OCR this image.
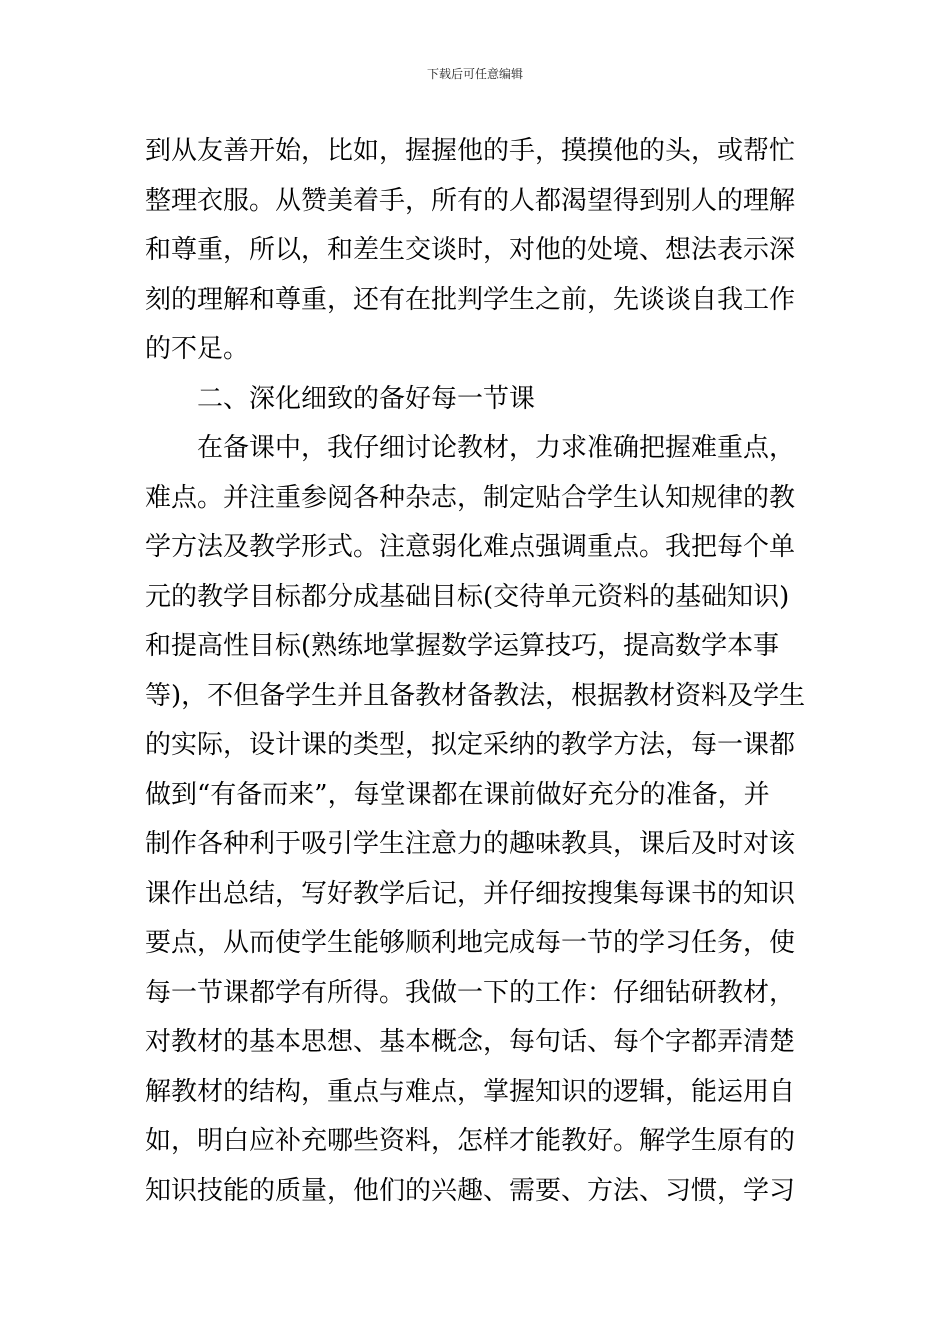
下载后可任意编辑
到从友善开始，比如，握握他的手，摸摸他的头，或帮忙
整理衣服。从赞美着手，所有的人都渴望得到别人的理解
和尊重，所以，和差生交谈时，对他的处境、想法表示深
刻的理解和尊重，还有在批判学生之前，先谈谈自我工作
的不足。
二、深化细致的备好每一节课
在备课中，我仔细讨论教材，力求准确把握难重点，
难点。并注重参阅各种杂志，制定贴合学生认知规律的教
学方法及教学形式。注意弱化难点强调重点。我把每个单
元的教学目标都分成基础目标(交待单元资料的基础知识)
和提高性目标(熟练地掌握数学运算技巧，提高数学本事
等)，不但备学生并且备教材备教法，根据教材资料及学生
的实际，设计课的类型，拟定采纳的教学方法，每一课都
做到“有备而来”，每堂课都在课前做好充分的准备，并
制作各种利于吸引学生注意力的趣味教具，课后及时对该
课作出总结，写好教学后记，并仔细按搜集每课书的知识
要点，从而使学生能够顺利地完成每一节的学习任务，使
每一节课都学有所得。我做一下的工作：仔细钻研教材，
对教材的基本思想、基本概念，每句话、每个字都弄清楚
解教材的结构，重点与难点，掌握知识的逻辑，能运用自
如，明白应补充哪些资料，怎样才能教好。解学生原有的
知识技能的质量，他们的兴趣、需要、方法、习惯，学习
